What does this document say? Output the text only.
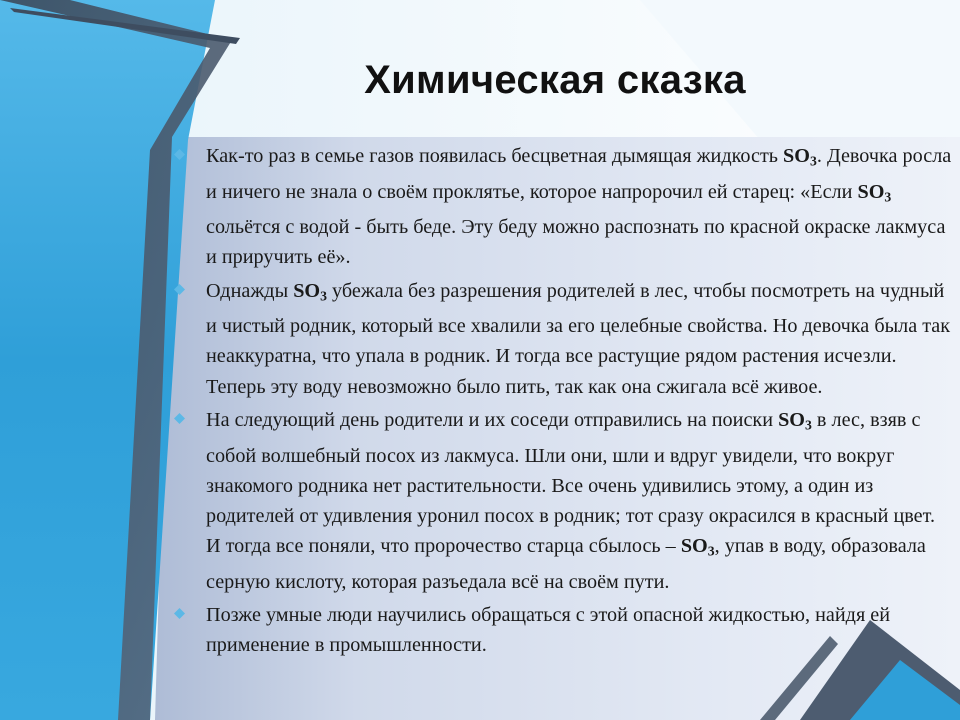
Химическая сказка
Как-то раз в семье газов появилась бесцветная дымящая жидкость $SO_3$. Девочка росла и ничего не знала о своём проклятье, которое напророчил ей старец: «Если $SO_3$ сольётся с водой - быть беде. Эту беду можно распознать по красной окраске лакмуса и приручить её».
Однажды $SO_3$ убежала без разрешения родителей в лес, чтобы посмотреть на чудный и чистый родник, который все хвалили за его целебные свойства. Но девочка была так неаккуратна, что упала в родник. И тогда все растущие рядом растения исчезли. Теперь эту воду невозможно было пить, так как она сжигала всё живое.
На следующий день родители и их соседи отправились на поиски $SO_3$ в лес, взяв с собой волшебный посох из лакмуса. Шли они, шли и вдруг увидели, что вокруг знакомого родника нет растительности. Все очень удивились этому, а один из родителей от удивления уронил посох в родник; тот сразу окрасился в красный цвет. И тогда все поняли, что пророчество старца сбылось – $SO_3$, упав в воду, образовала серную кислоту, которая разъедала всё на своём пути.
Позже умные люди научились обращаться с этой опасной жидкостью, найдя ей применение в промышленности.
